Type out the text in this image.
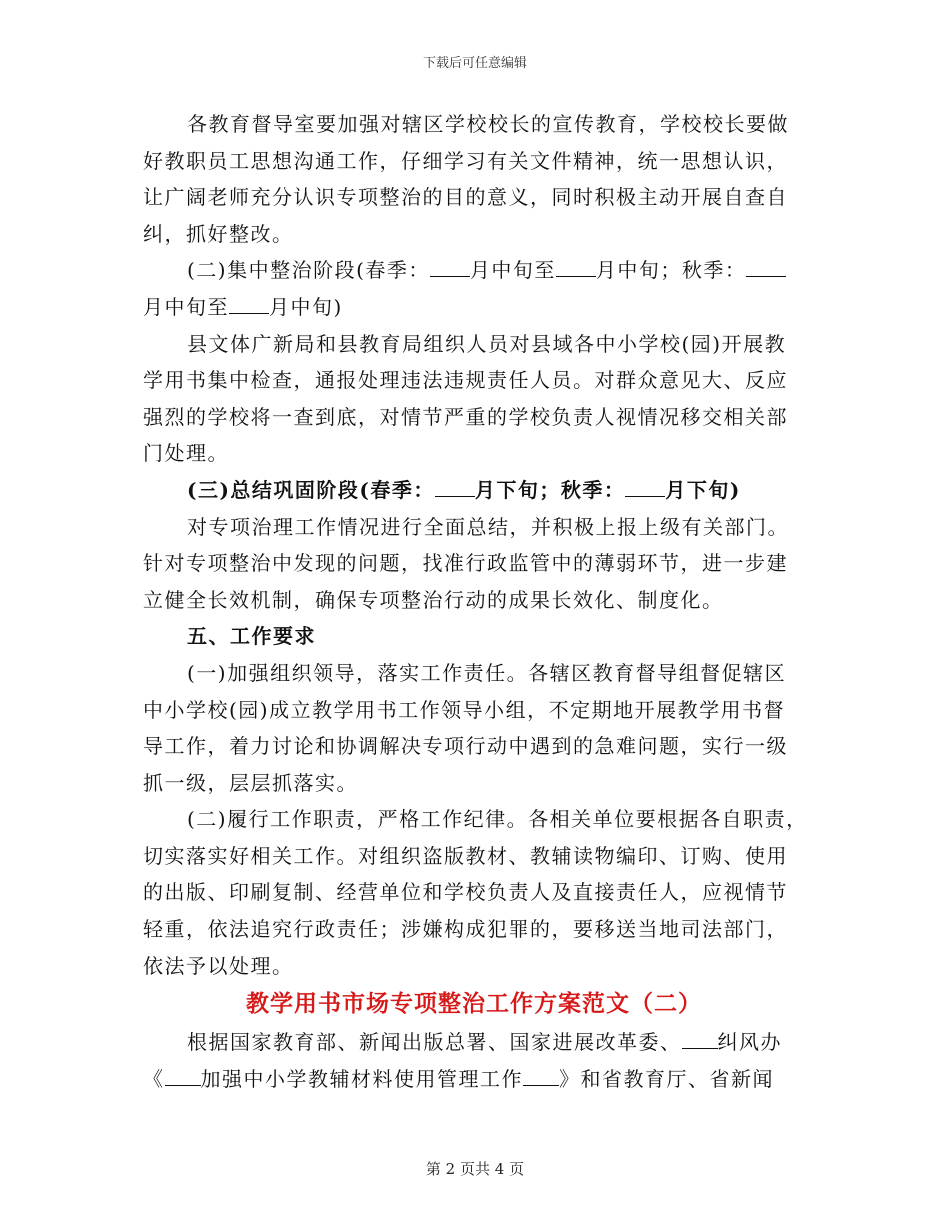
下载后可任意编辑

各教育督导室要加强对辖区学校校长的宣传教育，学校校长要做

好教职员工思想沟通工作，仔细学习有关文件精神，统一思想认识，

让广阔老师充分认识专项整治的目的意义，同时积极主动开展自查自

纠，抓好整改。

(二)集中整治阶段(春季： 月中旬至 月中旬；秋季：

月中旬至 月中旬)

县文体广新局和县教育局组织人员对县域各中小学校(园)开展教

学用书集中检查，通报处理违法违规责任人员。对群众意见大、反应

强烈的学校将一查到底，对情节严重的学校负责人视情况移交相关部

门处理。

(三)总结巩固阶段(春季： 月下旬；秋季： 月下旬)

对专项治理工作情况进行全面总结，并积极上报上级有关部门。

针对专项整治中发现的问题，找准行政监管中的薄弱环节，进一步建

立健全长效机制，确保专项整治行动的成果长效化、制度化。

五、工作要求

(一)加强组织领导，落实工作责任。各辖区教育督导组督促辖区

中小学校(园)成立教学用书工作领导小组，不定期地开展教学用书督

导工作，着力讨论和协调解决专项行动中遇到的急难问题，实行一级

抓一级，层层抓落实。

(二)履行工作职责，严格工作纪律。各相关单位要根据各自职责，

切实落实好相关工作。对组织盗版教材、教辅读物编印、订购、使用

的出版、印刷复制、经营单位和学校负责人及直接责任人，应视情节

轻重，依法追究行政责任；涉嫌构成犯罪的，要移送当地司法部门，

依法予以处理。

教学用书市场专项整治工作方案范文（二）

根据国家教育部、新闻出版总署、国家进展改革委、 纠风办

《 加强中小学教辅材料使用管理工作 》和省教育厅、省新闻

第 2 页共 4 页
